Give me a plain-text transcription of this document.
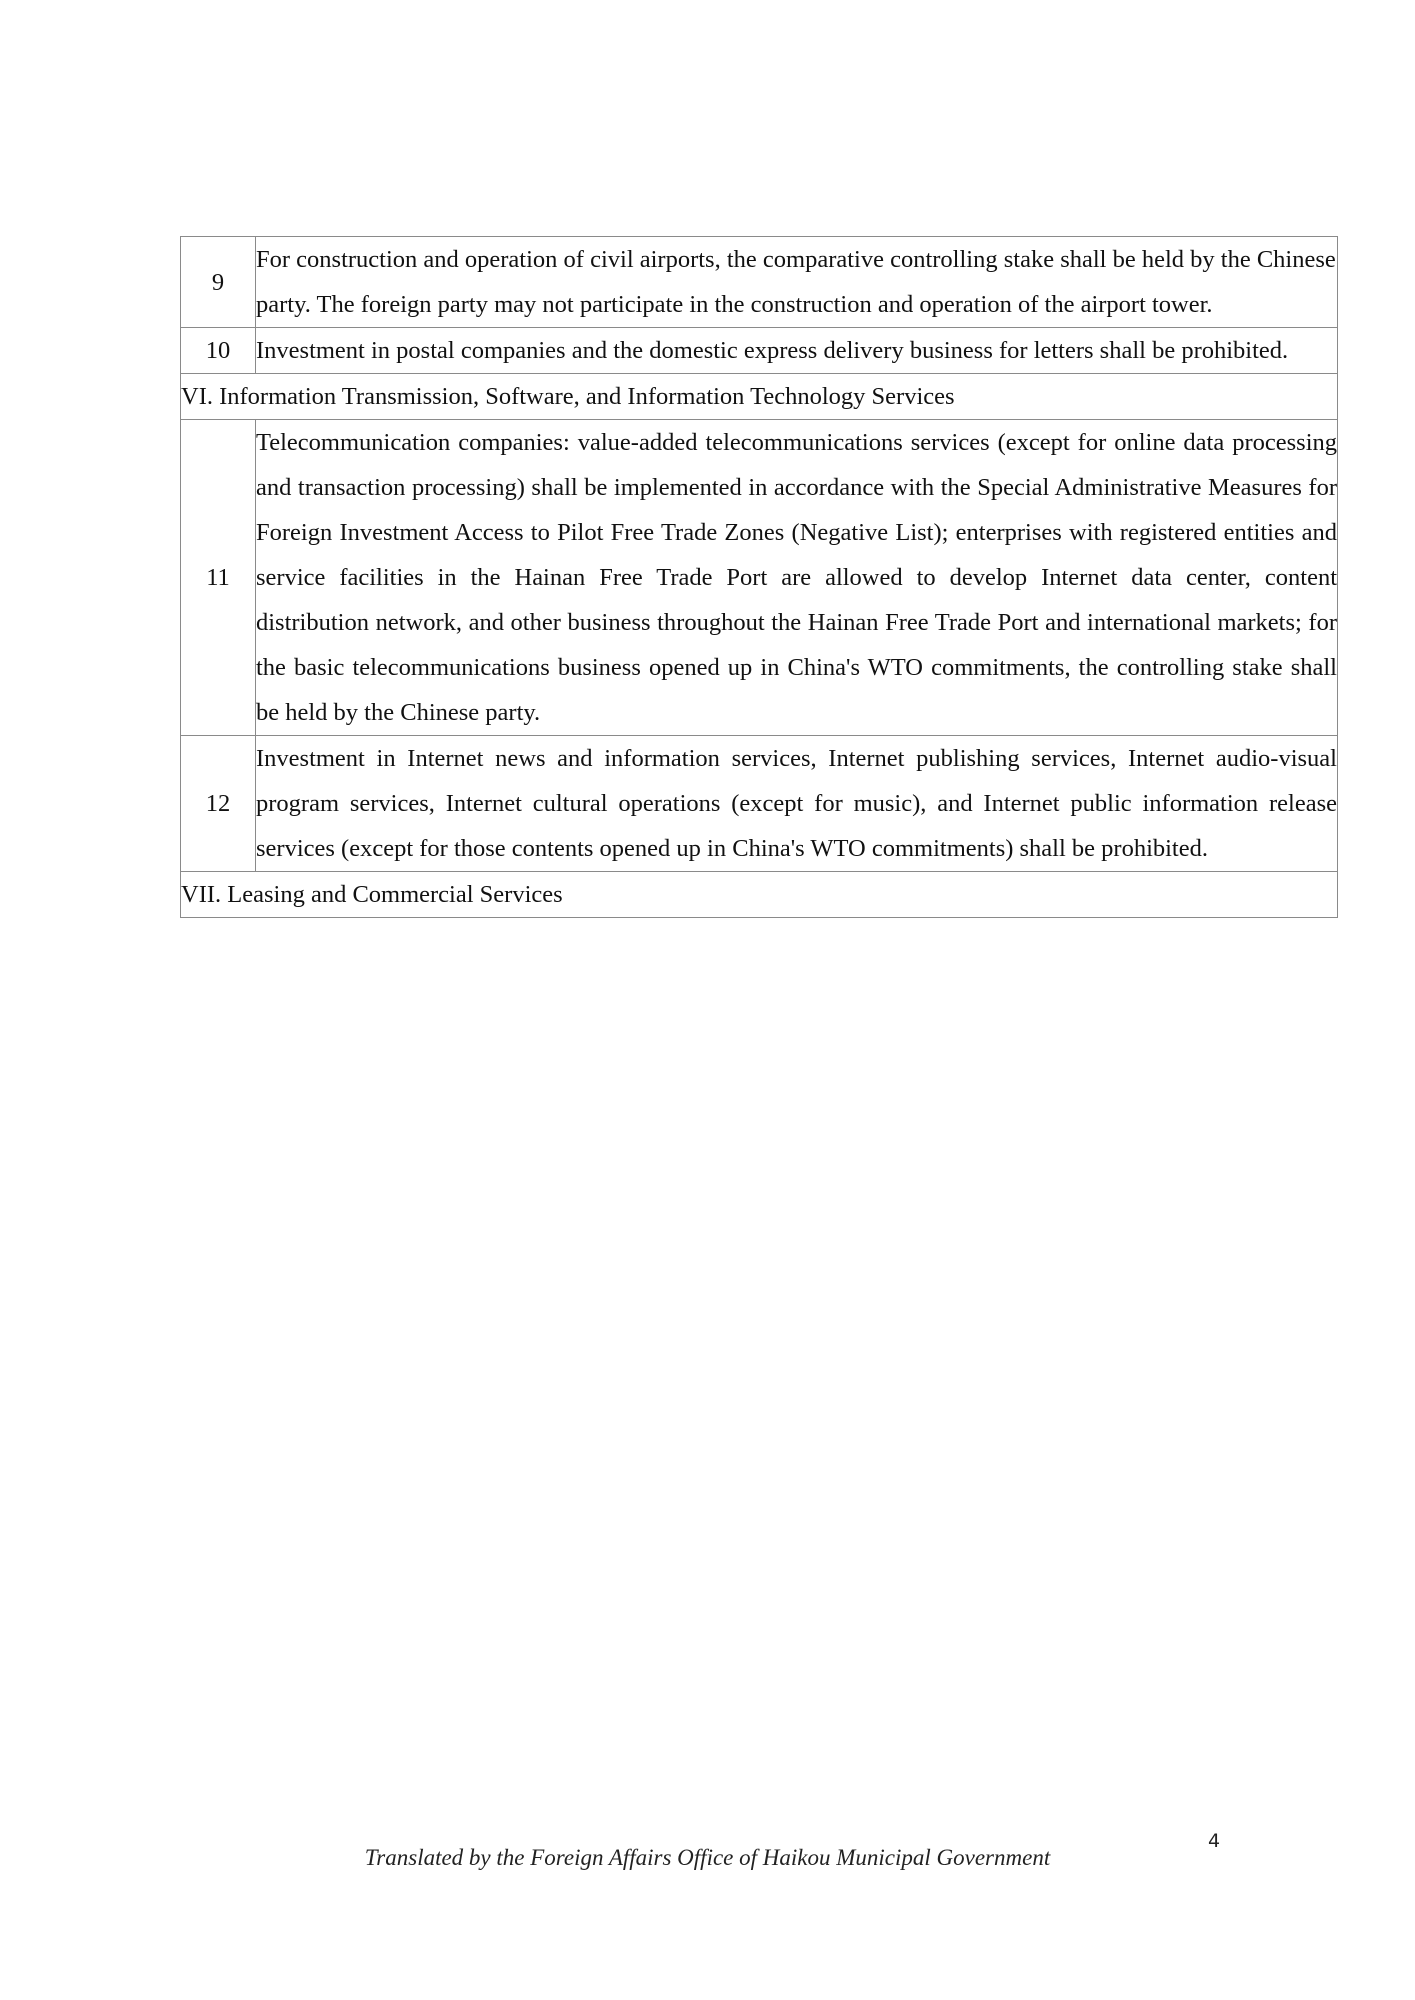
9	For construction and operation of civil airports, the comparative controlling stake shall be held by the Chinese party. The foreign party may not participate in the construction and operation of the airport tower.
10	Investment in postal companies and the domestic express delivery business for letters shall be prohibited.
VI. Information Transmission, Software, and Information Technology Services	
11	Telecommunication companies: value-added telecommunications services (except for online data processing and transaction processing) shall be implemented in accordance with the Special Administrative Measures for Foreign Investment Access to Pilot Free Trade Zones (Negative List); enterprises with registered entities and service facilities in the Hainan Free Trade Port are allowed to develop Internet data center, content distribution network, and other business throughout the Hainan Free Trade Port and international markets; for the basic telecommunications business opened up in China's WTO commitments, the controlling stake shall be held by the Chinese party.
12	Investment in Internet news and information services, Internet publishing services, Internet audio-visual program services, Internet cultural operations (except for music), and Internet public information release services (except for those contents opened up in China's WTO commitments) shall be prohibited.
VII. Leasing and Commercial Services	
4
Translated by the Foreign Affairs Office of Haikou Municipal Government
